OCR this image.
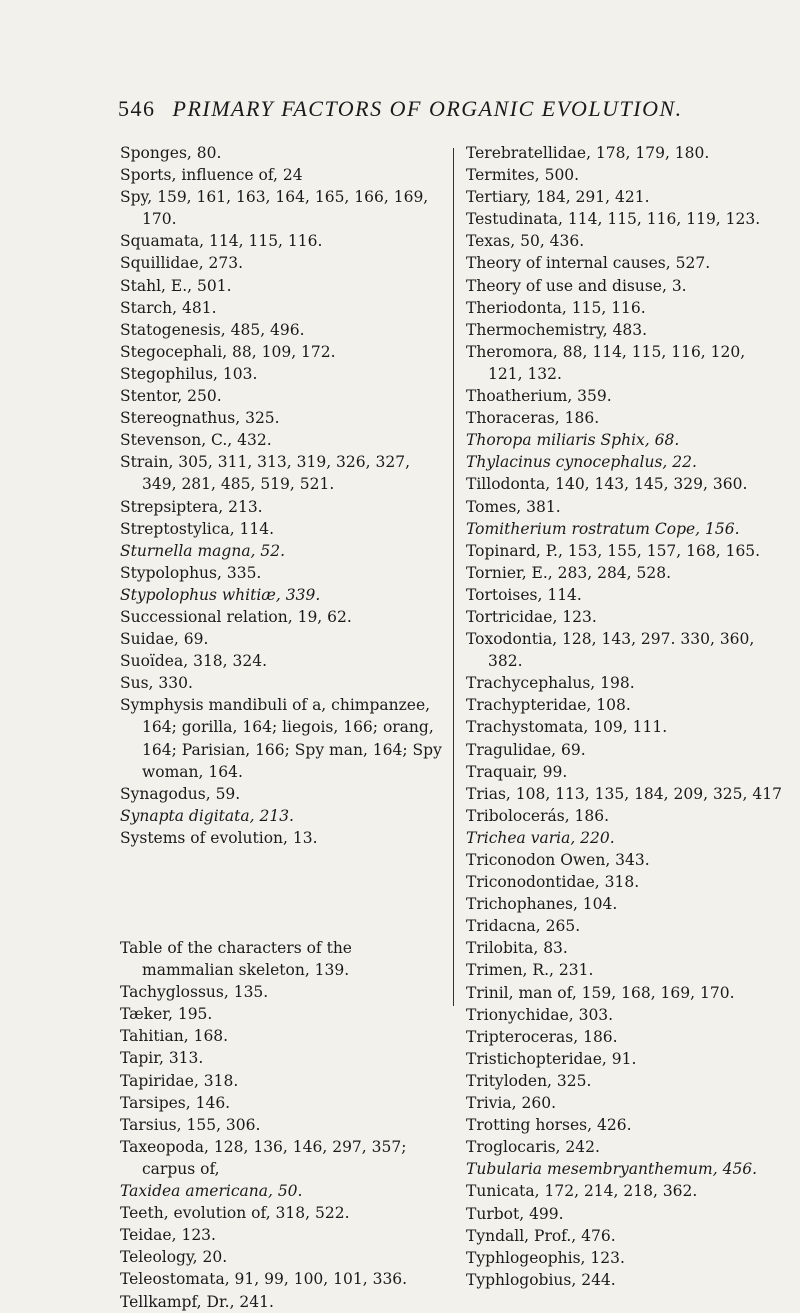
546 PRIMARY FACTORS OF ORGANIC EVOLUTION.
Sponges, 80.
Sports, influence of, 24
Spy, 159, 161, 163, 164, 165, 166, 169, 170.
Squamata, 114, 115, 116.
Squillidae, 273.
Stahl, E., 501.
Starch, 481.
Statogenesis, 485, 496.
Stegocephali, 88, 109, 172.
Stegophilus, 103.
Stentor, 250.
Stereognathus, 325.
Stevenson, C., 432.
Strain, 305, 311, 313, 319, 326, 327, 349, 281, 485, 519, 521.
Strepsiptera, 213.
Streptostylica, 114.
Sturnella magna, 52.
Stypolophus, 335.
Stypolophus whitiæ, 339.
Successional relation, 19, 62.
Suidae, 69.
Suoïdea, 318, 324.
Sus, 330.
Symphysis mandibuli of a, chimpanzee, 164; gorilla, 164; liegois, 166; orang, 164; Parisian, 166; Spy man, 164; Spy woman, 164.
Synagodus, 59.
Synapta digitata, 213.
Systems of evolution, 13.
Table of the characters of the mammalian skeleton, 139.
Tachyglossus, 135.
Tæker, 195.
Tahitian, 168.
Tapir, 313.
Tapiridae, 318.
Tarsipes, 146.
Tarsius, 155, 306.
Taxeopoda, 128, 136, 146, 297, 357; carpus of,
Taxidea americana, 50.
Teeth, evolution of, 318, 522.
Teidae, 123.
Teleology, 20.
Teleostomata, 91, 99, 100, 101, 336.
Tellkampf, Dr., 241.
Terebratellidae, 178, 179, 180.
Termites, 500.
Tertiary, 184, 291, 421.
Testudinata, 114, 115, 116, 119, 123.
Texas, 50, 436.
Theory of internal causes, 527.
Theory of use and disuse, 3.
Theriodonta, 115, 116.
Thermochemistry, 483.
Theromora, 88, 114, 115, 116, 120, 121, 132.
Thoatherium, 359.
Thoraceras, 186.
Thoropa miliaris Sphix, 68.
Thylacinus cynocephalus, 22.
Tillodonta, 140, 143, 145, 329, 360.
Tomes, 381.
Tomitherium rostratum Cope, 156.
Topinard, P., 153, 155, 157, 168, 165.
Tornier, E., 283, 284, 528.
Tortoises, 114.
Tortricidae, 123.
Toxodontia, 128, 143, 297. 330, 360, 382.
Trachycephalus, 198.
Trachypteridae, 108.
Trachystomata, 109, 111.
Tragulidae, 69.
Traquair, 99.
Trias, 108, 113, 135, 184, 209, 325, 417
Tribolocerás, 186.
Trichea varia, 220.
Triconodon Owen, 343.
Triconodontidae, 318.
Trichophanes, 104.
Tridacna, 265.
Trilobita, 83.
Trimen, R., 231.
Trinil, man of, 159, 168, 169, 170.
Trionychidae, 303.
Tripteroceras, 186.
Tristichopteridae, 91.
Trityloden, 325.
Trivia, 260.
Trotting horses, 426.
Troglocaris, 242.
Tubularia mesembryanthemum, 456.
Tunicata, 172, 214, 218, 362.
Turbot, 499.
Tyndall, Prof., 476.
Typhlogeophis, 123.
Typhlogobius, 244.
